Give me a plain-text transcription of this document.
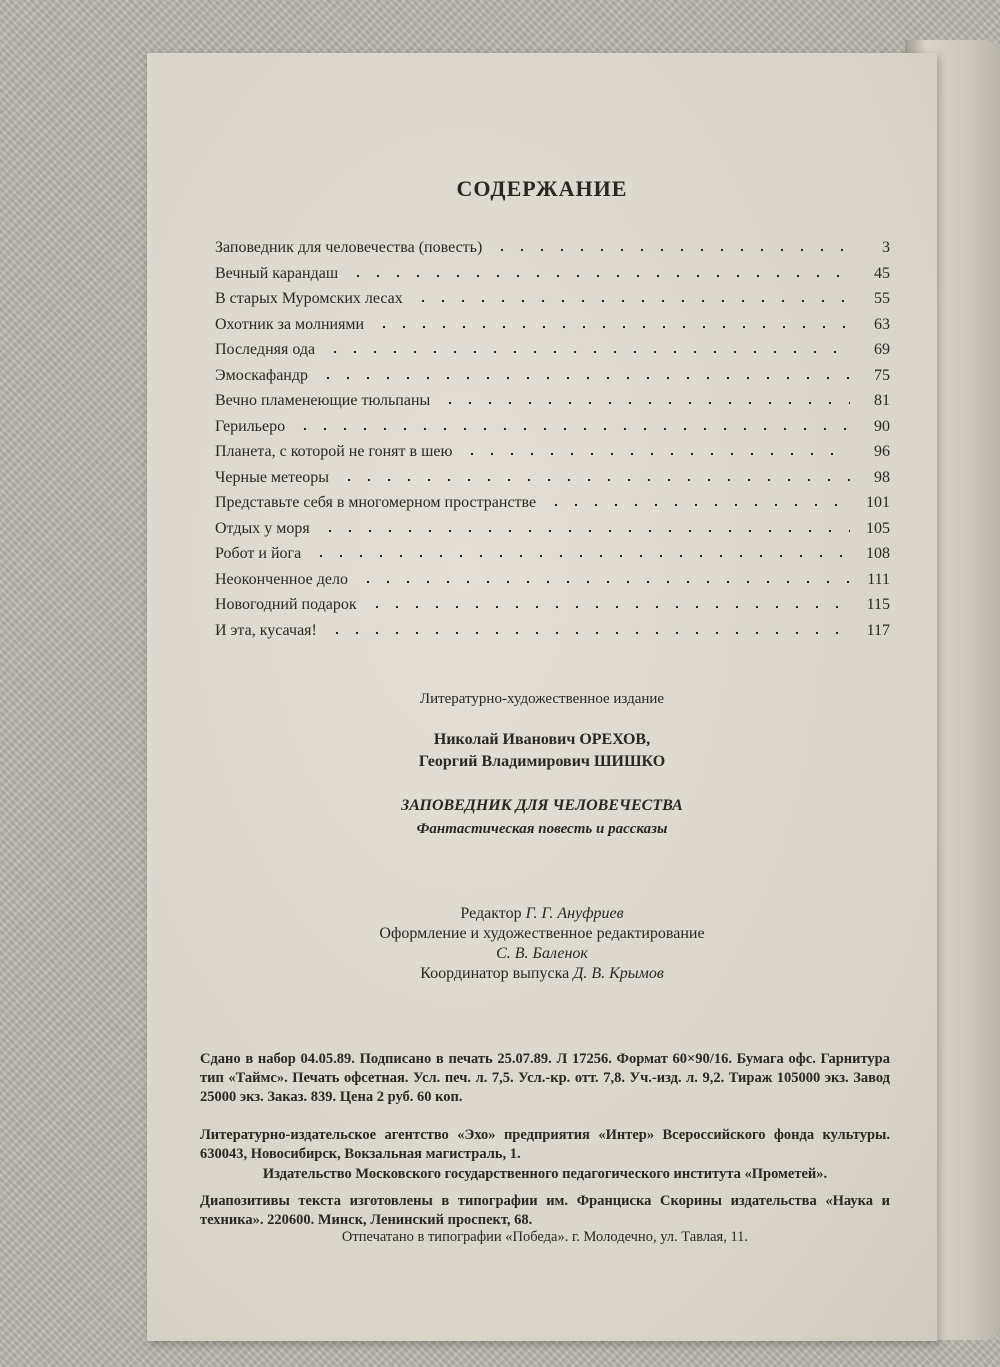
СОДЕРЖАНИЕ
Заповедник для человечества (повесть)	3
Вечный карандаш	45
В старых Муромских лесах	55
Охотник за молниями	63
Последняя ода	69
Эмоскафандр	75
Вечно пламенеющие тюльпаны	81
Герильеро	90
Планета, с которой не гонят в шею	96
Черные метеоры	98
Представьте себя в многомерном пространстве	101
Отдых у моря	105
Робот и йога	108
Неоконченное дело	111
Новогодний подарок	115
И эта, кусачая!	117
Литературно-художественное издание
Николай Иванович ОРЕХОВ,
Георгий Владимирович ШИШКО
ЗАПОВЕДНИК ДЛЯ ЧЕЛОВЕЧЕСТВА
Фантастическая повесть и рассказы
Редактор Г. Г. Ануфриев
Оформление и художественное редактирование
С. В. Баленок
Координатор выпуска Д. В. Крымов
Сдано в набор 04.05.89. Подписано в печать 25.07.89. Л 17256. Формат 60×90/16. Бумага офс. Гарнитура тип «Таймс». Печать офсетная. Усл. печ. л. 7,5. Усл.-кр. отт. 7,8. Уч.-изд. л. 9,2. Тираж 105000 экз. Завод 25000 экз. Заказ. 839. Цена 2 руб. 60 коп.
Литературно-издательское агентство «Эхо» предприятия «Интер» Всероссийского фонда культуры. 630043, Новосибирск, Вокзальная магистраль, 1.
Издательство Московского государственного педагогического института «Прометей».
Диапозитивы текста изготовлены в типографии им. Франциска Скорины издательства «Наука и техника». 220600. Минск, Ленинский проспект, 68.
Отпечатано в типографии «Победа». г. Молодечно, ул. Тавлая, 11.
